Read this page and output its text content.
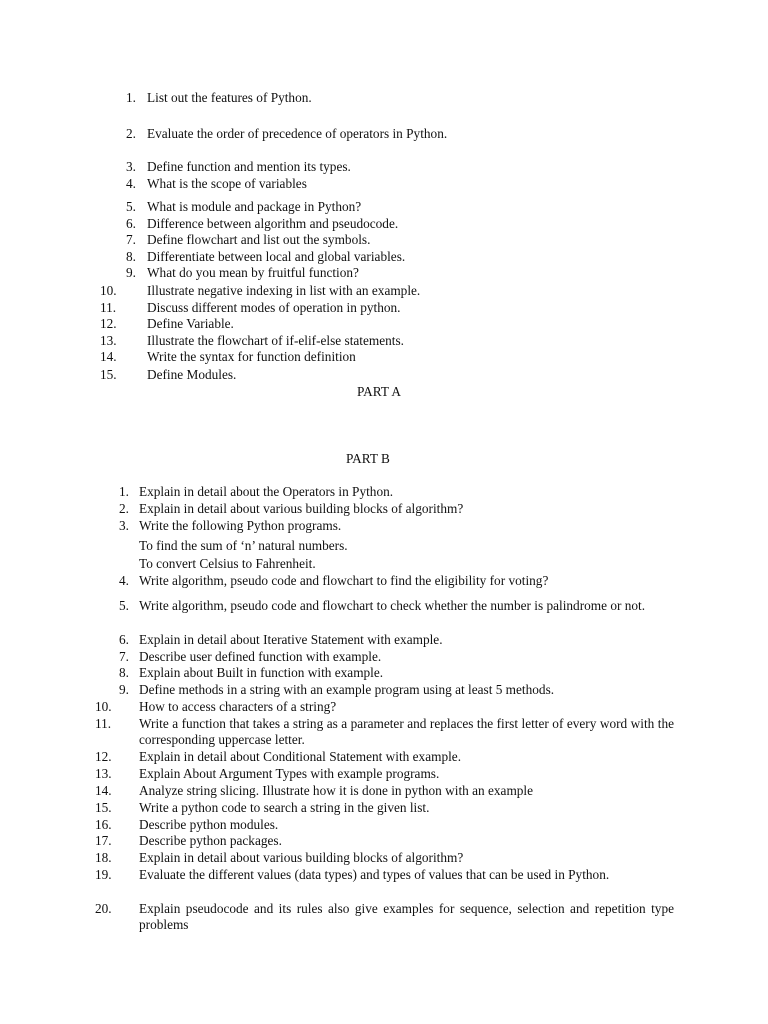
1. List out the features of Python.
2. Evaluate the order of precedence of operators in Python.
3. Define function and mention its types.
4. What is the scope of variables
5. What is module and package in Python?
6. Difference between algorithm and pseudocode.
7. Define flowchart and list out the symbols.
8. Differentiate between local and global variables.
9. What do you mean by fruitful function?
10.	Illustrate negative indexing in list with an example.
11.	Discuss different modes of operation in python.
12.	Define Variable.
13.	Illustrate the flowchart of if-elif-else statements.
14.	Write the syntax for function definition
15.	Define Modules.
PART A
PART B
1. Explain in detail about the Operators in Python.
2. Explain in detail about various building blocks of algorithm?
3. Write the following Python programs.
To find the sum of ‘n’ natural numbers.
To convert Celsius to Fahrenheit.
4. Write algorithm, pseudo code and flowchart to find the eligibility for voting?
5. Write algorithm, pseudo code and flowchart to check whether the number is palindrome or not.
6. Explain in detail about Iterative Statement with example.
7. Describe user defined function with example.
8. Explain about Built in function with example.
9. Define methods in a string with an example program using at least 5 methods.
10.	How to access characters of a string?
11.	Write a function that takes a string as a parameter and replaces the first letter of every word with the corresponding uppercase letter.
12.	Explain in detail about Conditional Statement with example.
13.	Explain About Argument Types with example programs.
14.	Analyze string slicing. Illustrate how it is done in python with an example
15.	Write a python code to search a string in the given list.
16.	Describe python modules.
17.	Describe python packages.
18.	Explain in detail about various building blocks of algorithm?
19.	Evaluate the different values (data types) and types of values that can be used in Python.
20.	Explain pseudocode and its rules also give examples for sequence, selection and repetition type problems
